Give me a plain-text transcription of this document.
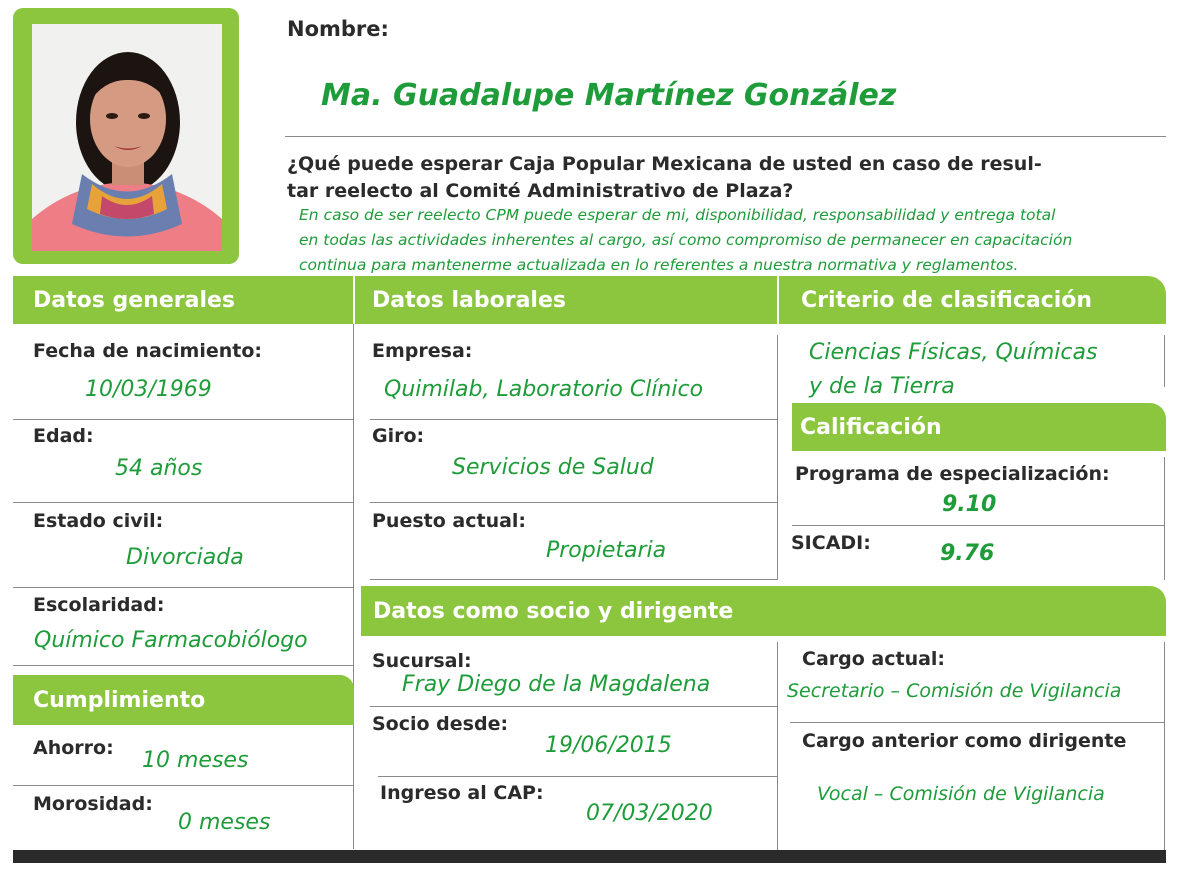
Nombre:
Ma. Guadalupe Martínez González
¿Qué puede esperar Caja Popular Mexicana de usted en caso de resul-
tar reelecto al Comité Administrativo de Plaza?
En caso de ser reelecto CPM puede esperar de mi, disponibilidad, responsabilidad y entrega total
en todas las actividades inherentes al cargo, así como compromiso de permanecer en capacitación
continua para mantenerme actualizada en lo referentes a nuestra normativa y reglamentos.
Datos generales	Datos laborales	Criterio de clasificación
Fecha de nacimiento:
10/03/1969
Edad:
54 años
Estado civil:
Divorciada
Escolaridad:
Químico Farmacobiólogo
Cumplimiento
Ahorro: 10 meses
Morosidad:
0 meses
Empresa:
Quimilab, Laboratorio Clínico
Giro:
Servicios de Salud
Puesto actual:
Propietaria
Ciencias Físicas, Químicas
y de la Tierra
Calificación
Programa de especialización:
9.10
SICADI:	9.76
Datos como socio y dirigente
Sucursal:
Fray Diego de la Magdalena
Socio desde:
19/06/2015
Ingreso al CAP:
07/03/2020
Cargo actual:
Secretario – Comisión de Vigilancia
Cargo anterior como dirigente
Vocal – Comisión de Vigilancia
